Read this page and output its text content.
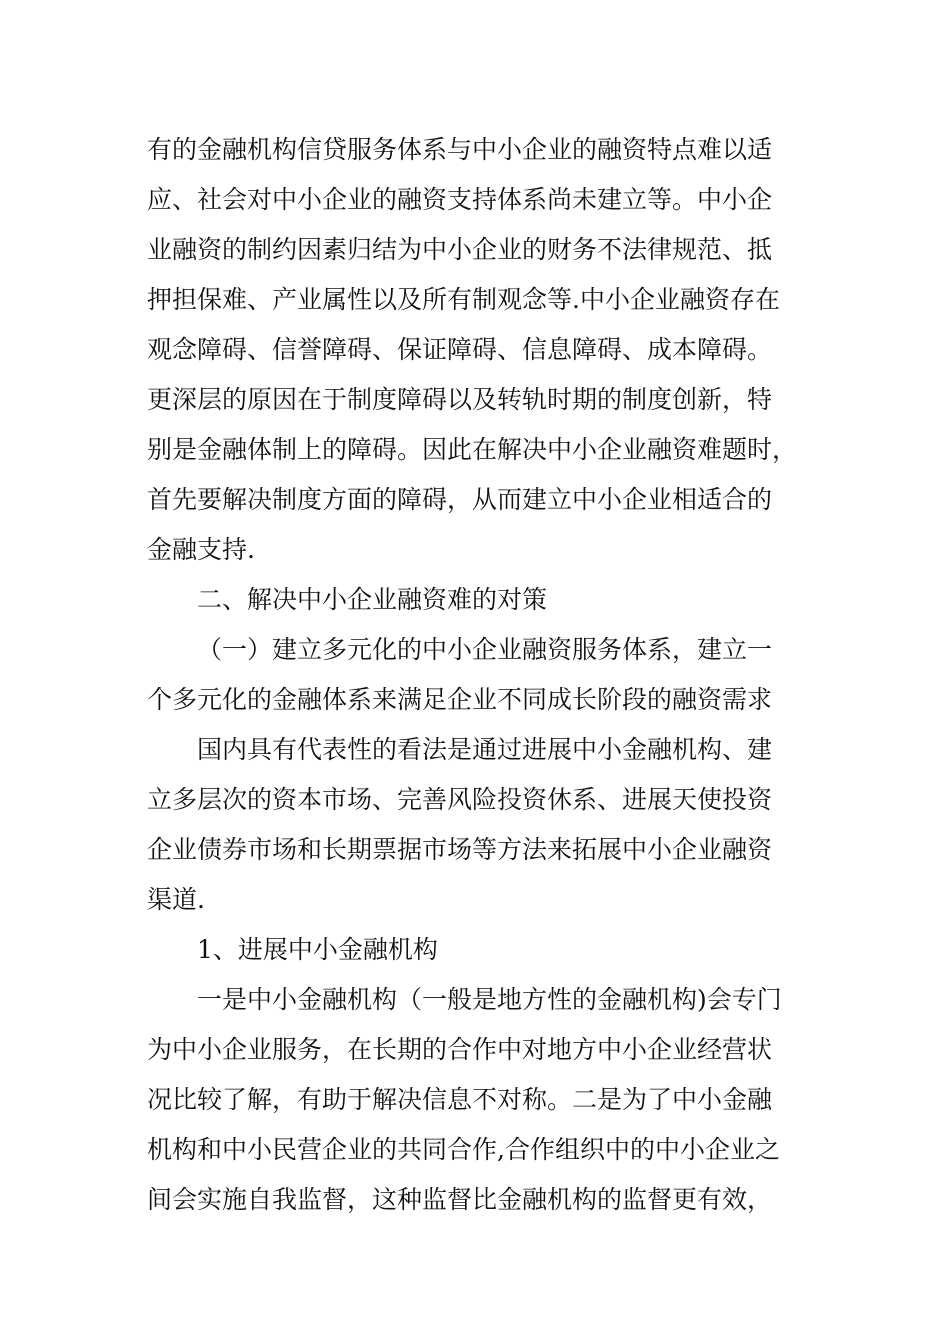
有的金融机构信贷服务体系与中小企业的融资特点难以适

应、社会对中小企业的融资支持体系尚未建立等。中小企

业融资的制约因素归结为中小企业的财务不法律规范、抵

押担保难、产业属性以及所有制观念等.中小企业融资存在

观念障碍、信誉障碍、保证障碍、信息障碍、成本障碍。

更深层的原因在于制度障碍以及转轨时期的制度创新，特

别是金融体制上的障碍。因此在解决中小企业融资难题时，

首先要解决制度方面的障碍，从而建立中小企业相适合的

金融支持.

二、解决中小企业融资难的对策

（一）建立多元化的中小企业融资服务体系，建立一

个多元化的金融体系来满足企业不同成长阶段的融资需求

国内具有代表性的看法是通过进展中小金融机构、建

立多层次的资本市场、完善风险投资休系、进展天使投资

企业债券市场和长期票据市场等方法来拓展中小企业融资

渠道.

1、进展中小金融机构

一是中小金融机构（一般是地方性的金融机构)会专门

为中小企业服务，在长期的合作中对地方中小企业经营状

况比较了解，有助于解决信息不对称。二是为了中小金融

机构和中小民营企业的共同合作,合作组织中的中小企业之

间会实施自我监督，这种监督比金融机构的监督更有效，
